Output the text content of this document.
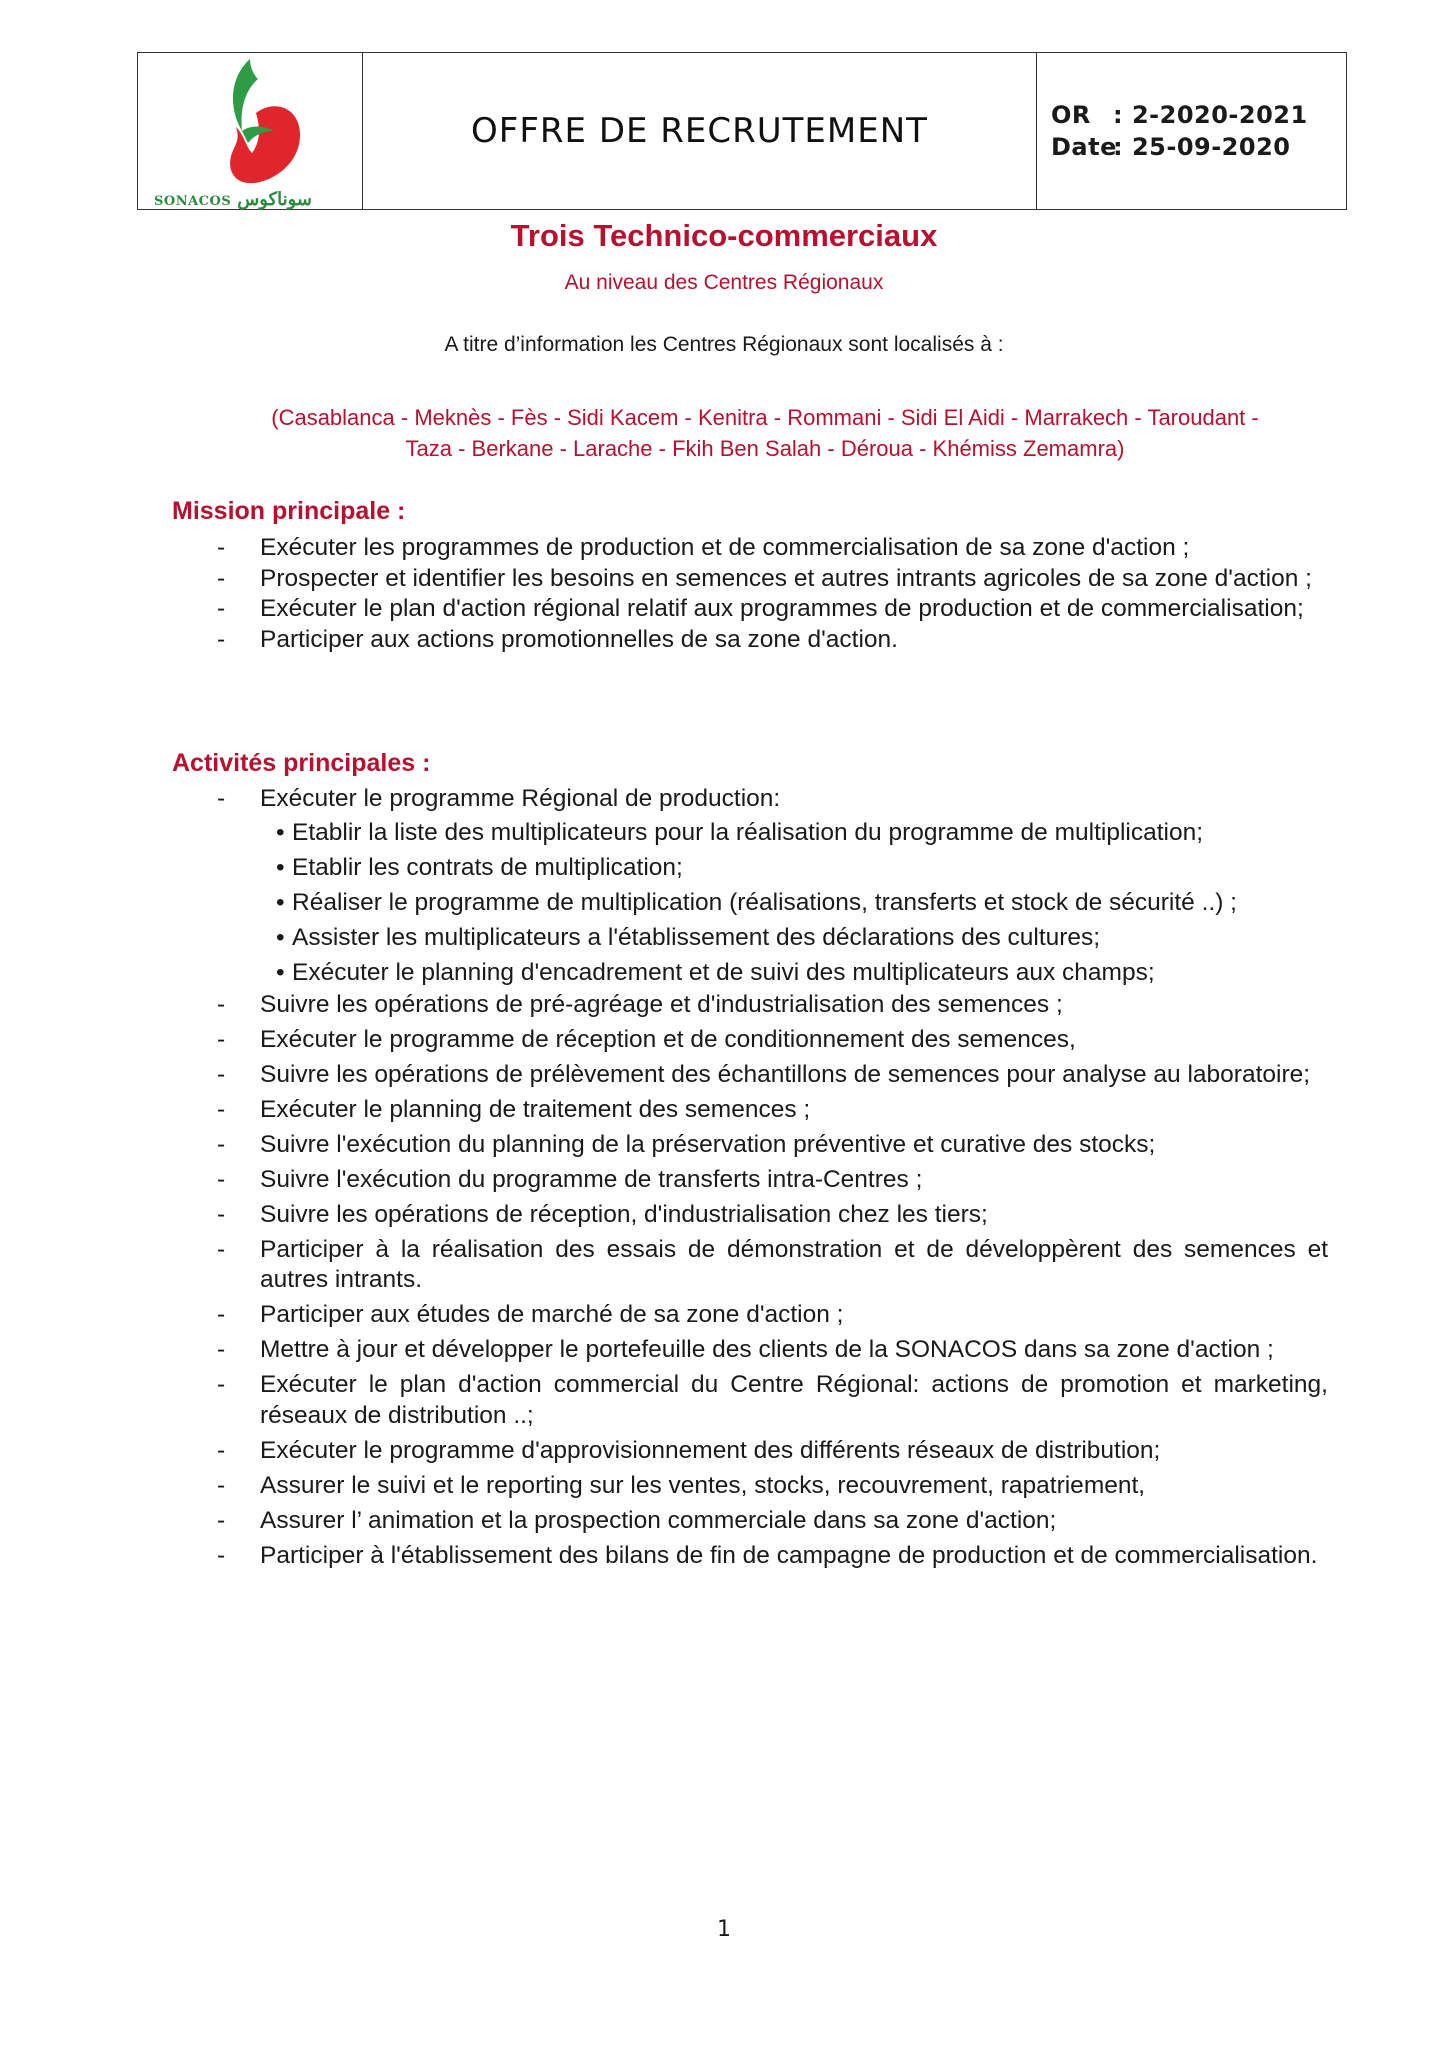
SONACOS سوناكوس
OFFRE DE RECRUTEMENT	OR : 2-2020-2021
Date: 25-09-2020
Trois Technico-commerciaux

Au niveau des Centres Régionaux

A titre d’information les Centres Régionaux sont localisés à :

(Casablanca - Meknès - Fès - Sidi Kacem - Kenitra - Rommani - Sidi El Aidi - Marrakech - Taroudant -
Taza - Berkane - Larache - Fkih Ben Salah - Déroua - Khémiss Zemamra)
Mission principale :
- Exécuter les programmes de production et de commercialisation de sa zone d'action ;
- Prospecter et identifier les besoins en semences et autres intrants agricoles de sa zone d'action ;
- Exécuter le plan d'action régional relatif aux programmes de production et de commercialisation;
- Participer aux actions promotionnelles de sa zone d'action.
Activités principales :
- Exécuter le programme Régional de production:
• Etablir la liste des multiplicateurs pour la réalisation du programme de multiplication;
• Etablir les contrats de multiplication;
• Réaliser le programme de multiplication (réalisations, transferts et stock de sécurité ..) ;
• Assister les multiplicateurs a l'établissement des déclarations des cultures;
• Exécuter le planning d'encadrement et de suivi des multiplicateurs aux champs;
- Suivre les opérations de pré-agréage et d'industrialisation des semences ;
- Exécuter le programme de réception et de conditionnement des semences,
- Suivre les opérations de prélèvement des échantillons de semences pour analyse au laboratoire;
- Exécuter le planning de traitement des semences ;
- Suivre l'exécution du planning de la préservation préventive et curative des stocks;
- Suivre l'exécution du programme de transferts intra-Centres ;
- Suivre les opérations de réception, d'industrialisation chez les tiers;
- Participer à la réalisation des essais de démonstration et de développèrent des semences et autres intrants.
- Participer aux études de marché de sa zone d'action ;
- Mettre à jour et développer le portefeuille des clients de la SONACOS dans sa zone d'action ;
- Exécuter le plan d'action commercial du Centre Régional: actions de promotion et marketing, réseaux de distribution ..;
- Exécuter le programme d'approvisionnement des différents réseaux de distribution;
- Assurer le suivi et le reporting sur les ventes, stocks, recouvrement, rapatriement,
- Assurer l’ animation et la prospection commerciale dans sa zone d'action;
- Participer à l'établissement des bilans de fin de campagne de production et de commercialisation.
1
